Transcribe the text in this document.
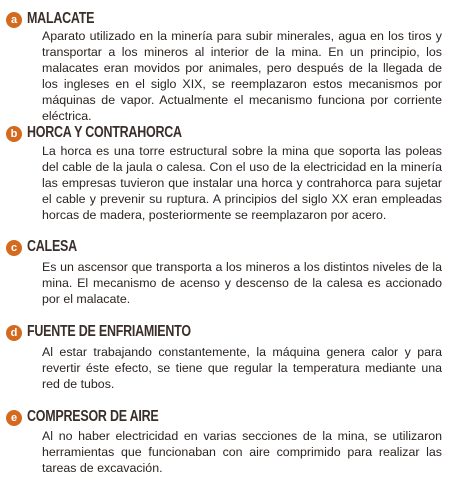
a MALACATE

Aparato utilizado en la minería para subir minerales, agua en los tiros y transportar a los mineros al interior de la mina. En un principio, los malacates eran movidos por animales, pero después de la llegada de los ingleses en el siglo XIX, se reemplazaron estos mecanismos por máquinas de vapor. Actualmente el mecanismo funciona por corriente eléctrica.

b HORCA Y CONTRAHORCA

La horca es una torre estructural sobre la mina que soporta las poleas del cable de la jaula o calesa. Con el uso de la electricidad en la minería las empresas tuvieron que instalar una horca y contrahorca para sujetar el cable y prevenir su ruptura. A principios del siglo XX eran empleadas horcas de madera, posteriormente se reemplazaron por acero.

c CALESA

Es un ascensor que transporta a los mineros a los distintos niveles de la mina. El mecanismo de acenso y descenso de la calesa es accionado por el malacate.

d FUENTE DE ENFRIAMIENTO

Al estar trabajando constantemente, la máquina genera calor y para revertir éste efecto, se tiene que regular la temperatura mediante una red de tubos.

e COMPRESOR DE AIRE

Al no haber electricidad en varias secciones de la mina, se utilizaron herramientas que funcionaban con aire comprimido para realizar las tareas de excavación.
